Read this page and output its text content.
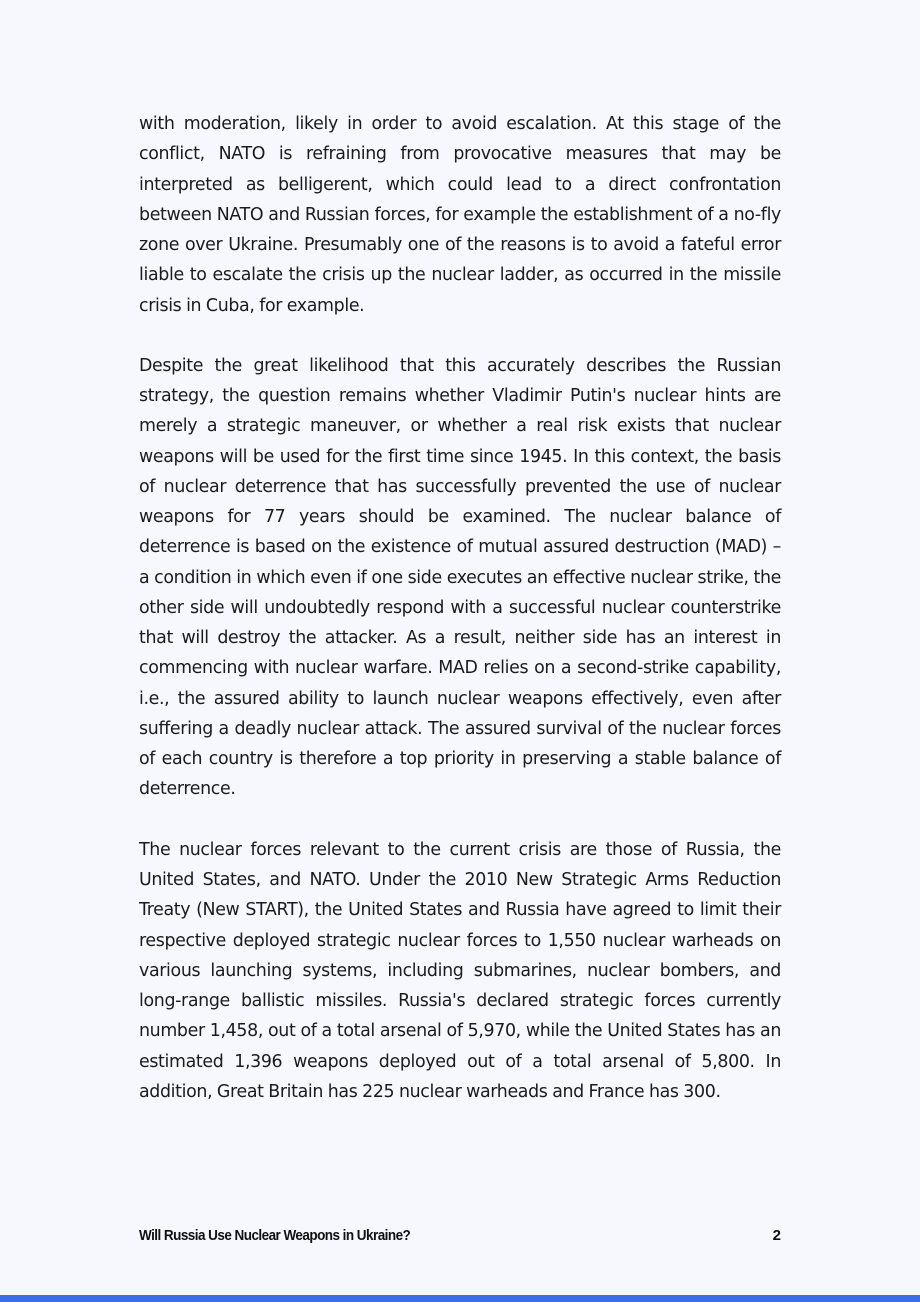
with moderation, likely in order to avoid escalation. At this stage of the conflict, NATO is refraining from provocative measures that may be interpreted as belligerent, which could lead to a direct confrontation between NATO and Russian forces, for example the establishment of a no-fly zone over Ukraine. Presumably one of the reasons is to avoid a fateful error liable to escalate the crisis up the nuclear ladder, as occurred in the missile crisis in Cuba, for example.

Despite the great likelihood that this accurately describes the Russian strategy, the question remains whether Vladimir Putin's nuclear hints are merely a strategic maneuver, or whether a real risk exists that nuclear weapons will be used for the first time since 1945. In this context, the basis of nuclear deterrence that has successfully prevented the use of nuclear weapons for 77 years should be examined. The nuclear balance of deterrence is based on the existence of mutual assured destruction (MAD) – a condition in which even if one side executes an effective nuclear strike, the other side will undoubtedly respond with a successful nuclear counterstrike that will destroy the attacker. As a result, neither side has an interest in commencing with nuclear warfare. MAD relies on a second-strike capability, i.e., the assured ability to launch nuclear weapons effectively, even after suffering a deadly nuclear attack. The assured survival of the nuclear forces of each country is therefore a top priority in preserving a stable balance of deterrence.

The nuclear forces relevant to the current crisis are those of Russia, the United States, and NATO. Under the 2010 New Strategic Arms Reduction Treaty (New START), the United States and Russia have agreed to limit their respective deployed strategic nuclear forces to 1,550 nuclear warheads on various launching systems, including submarines, nuclear bombers, and long-range ballistic missiles. Russia's declared strategic forces currently number 1,458, out of a total arsenal of 5,970, while the United States has an estimated 1,396 weapons deployed out of a total arsenal of 5,800. In addition, Great Britain has 225 nuclear warheads and France has 300.

Will Russia Use Nuclear Weapons in Ukraine?	2
